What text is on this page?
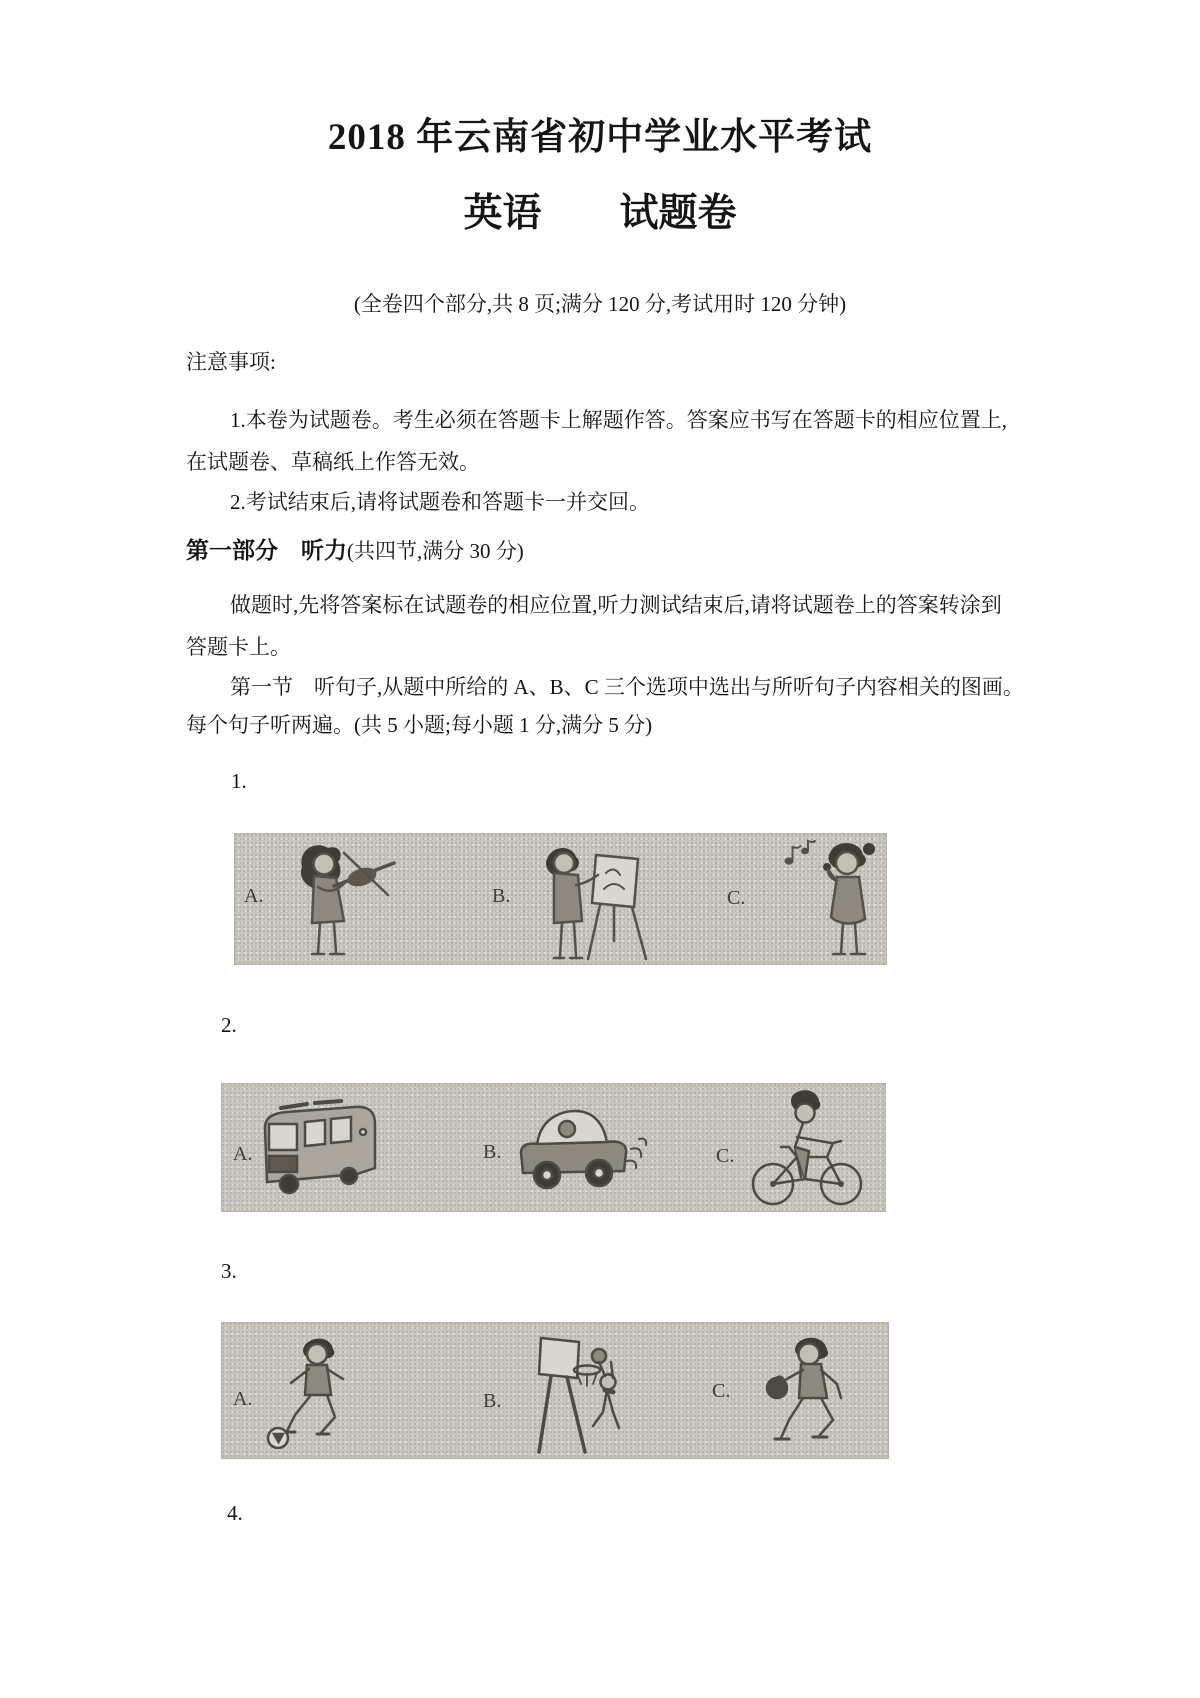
2018 年云南省初中学业水平考试
英语　　试题卷
(全卷四个部分,共 8 页;满分 120 分,考试用时 120 分钟)
注意事项:
1.本卷为试题卷。考生必须在答题卡上解题作答。答案应书写在答题卡的相应位置上,
在试题卷、草稿纸上作答无效。
2.考试结束后,请将试题卷和答题卡一并交回。
第一部分　听力(共四节,满分 30 分)
做题时,先将答案标在试题卷的相应位置,听力测试结束后,请将试题卷上的答案转涂到
答题卡上。
第一节　听句子,从题中所给的 A、B、C 三个选项中选出与所听句子内容相关的图画。
每个句子听两遍。(共 5 小题;每小题 1 分,满分 5 分)
1.
2.
3.
4.
A.	B.	C.
A.	B.	C.
A.	B.	C.
